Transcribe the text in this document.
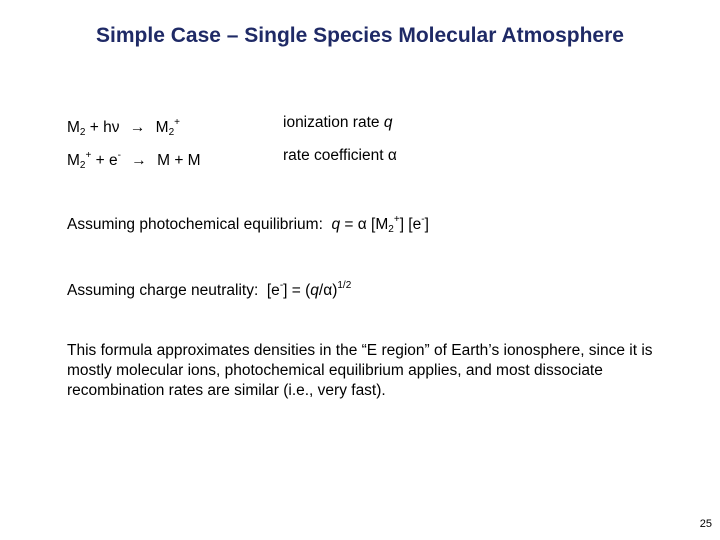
Simple Case – Single Species Molecular Atmosphere
$M_2 + h\nu \to M_2^+$	ionization rate q
$M_2^+ + e^- \to M + M$	rate coefficient α
Assuming photochemical equilibrium:  q = α $[M_2^+]$ [e-]
Assuming charge neutrality:  $[e^-] = (q/\alpha)^{1/2}$
This formula approximates densities in the “E region” of Earth’s ionosphere, since it is mostly molecular ions, photochemical equilibrium applies, and most dissociate recombination rates are similar (i.e., very fast).
25
